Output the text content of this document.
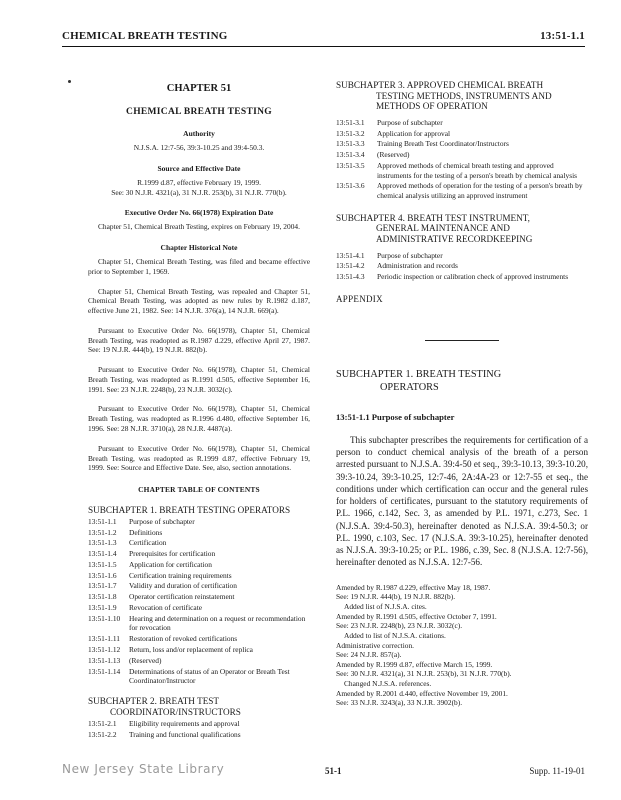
CHEMICAL BREATH TESTING	13:51-1.1
CHAPTER 51
CHEMICAL BREATH TESTING
Authority
N.J.S.A. 12:7-56, 39:3-10.25 and 39:4-50.3.
Source and Effective Date
R.1999 d.87, effective February 19, 1999.
See: 30 N.J.R. 4321(a), 31 N.J.R. 253(b), 31 N.J.R. 770(b).
Executive Order No. 66(1978) Expiration Date
Chapter 51, Chemical Breath Testing, expires on February 19, 2004.
Chapter Historical Note
Chapter 51, Chemical Breath Testing, was filed and became effective prior to September 1, 1969.
Chapter 51, Chemical Breath Testing, was repealed and Chapter 51, Chemical Breath Testing, was adopted as new rules by R.1982 d.187, effective June 21, 1982. See: 14 N.J.R. 376(a), 14 N.J.R. 669(a).
Pursuant to Executive Order No. 66(1978), Chapter 51, Chemical Breath Testing, was readopted as R.1987 d.229, effective April 27, 1987. See: 19 N.J.R. 444(b), 19 N.J.R. 882(b).
Pursuant to Executive Order No. 66(1978), Chapter 51, Chemical Breath Testing, was readopted as R.1991 d.505, effective September 16, 1991. See: 23 N.J.R. 2248(b), 23 N.J.R. 3032(c).
Pursuant to Executive Order No. 66(1978), Chapter 51, Chemical Breath Testing, was readopted as R.1996 d.480, effective September 16, 1996. See: 28 N.J.R. 3710(a), 28 N.J.R. 4487(a).
Pursuant to Executive Order No. 66(1978), Chapter 51, Chemical Breath Testing, was readopted as R.1999 d.87, effective February 19, 1999. See: Source and Effective Date. See, also, section annotations.
CHAPTER TABLE OF CONTENTS
SUBCHAPTER 1. BREATH TESTING OPERATORS
13:51-1.1	Purpose of subchapter
13:51-1.2	Definitions
13:51-1.3	Certification
13:51-1.4	Prerequisites for certification
13:51-1.5	Application for certification
13:51-1.6	Certification training requirements
13:51-1.7	Validity and duration of certification
13:51-1.8	Operator certification reinstatement
13:51-1.9	Revocation of certificate
13:51-1.10	Hearing and determination on a request or recommendation for revocation
13:51-1.11	Restoration of revoked certifications
13:51-1.12	Return, loss and/or replacement of replica
13:51-1.13	(Reserved)
13:51-1.14	Determinations of status of an Operator or Breath Test Coordinator/Instructor
SUBCHAPTER 2. BREATH TEST
COORDINATOR/INSTRUCTORS
13:51-2.1	Eligibility requirements and approval
13:51-2.2	Training and functional qualifications
SUBCHAPTER 3. APPROVED CHEMICAL BREATH
TESTING METHODS, INSTRUMENTS AND
METHODS OF OPERATION
13:51-3.1	Purpose of subchapter
13:51-3.2	Application for approval
13:51-3.3	Training Breath Test Coordinator/Instructors
13:51-3.4	(Reserved)
13:51-3.5	Approved methods of chemical breath testing and approved instruments for the testing of a person's breath by chemical analysis
13:51-3.6	Approved methods of operation for the testing of a person's breath by chemical analysis utilizing an approved instrument
SUBCHAPTER 4. BREATH TEST INSTRUMENT,
GENERAL MAINTENANCE AND
ADMINISTRATIVE RECORDKEEPING
13:51-4.1	Purpose of subchapter
13:51-4.2	Administration and records
13:51-4.3	Periodic inspection or calibration check of approved instruments
APPENDIX
SUBCHAPTER 1. BREATH TESTING
OPERATORS
13:51-1.1 Purpose of subchapter
This subchapter prescribes the requirements for certification of a person to conduct chemical analysis of the breath of a person arrested pursuant to N.J.S.A. 39:4-50 et seq., 39:3-10.13, 39:3-10.20, 39:3-10.24, 39:3-10.25, 12:7-46, 2A:4A-23 or 12:7-55 et seq., the conditions under which certification can occur and the general rules for holders of certificates, pursuant to the statutory requirements of P.L. 1966, c.142, Sec. 3, as amended by P.L. 1971, c.273, Sec. 1 (N.J.S.A. 39:4-50.3), hereinafter denoted as N.J.S.A. 39:4-50.3; or P.L. 1990, c.103, Sec. 17 (N.J.S.A. 39:3-10.25), hereinafter denoted as N.J.S.A. 39:3-10.25; or P.L. 1986, c.39, Sec. 8 (N.J.S.A. 12:7-56), hereinafter denoted as N.J.S.A. 12:7-56.
Amended by R.1987 d.229, effective May 18, 1987.
See: 19 N.J.R. 444(b), 19 N.J.R. 882(b).
Added list of N.J.S.A. cites.
Amended by R.1991 d.505, effective October 7, 1991.
See: 23 N.J.R. 2248(b), 23 N.J.R. 3032(c).
Added to list of N.J.S.A. citations.
Administrative correction.
See: 24 N.J.R. 857(a).
Amended by R.1999 d.87, effective March 15, 1999.
See: 30 N.J.R. 4321(a), 31 N.J.R. 253(b), 31 N.J.R. 770(b).
Changed N.J.S.A. references.
Amended by R.2001 d.440, effective November 19, 2001.
See: 33 N.J.R. 3243(a), 33 N.J.R. 3902(b).
New Jersey State Library	51-1	Supp. 11-19-01
